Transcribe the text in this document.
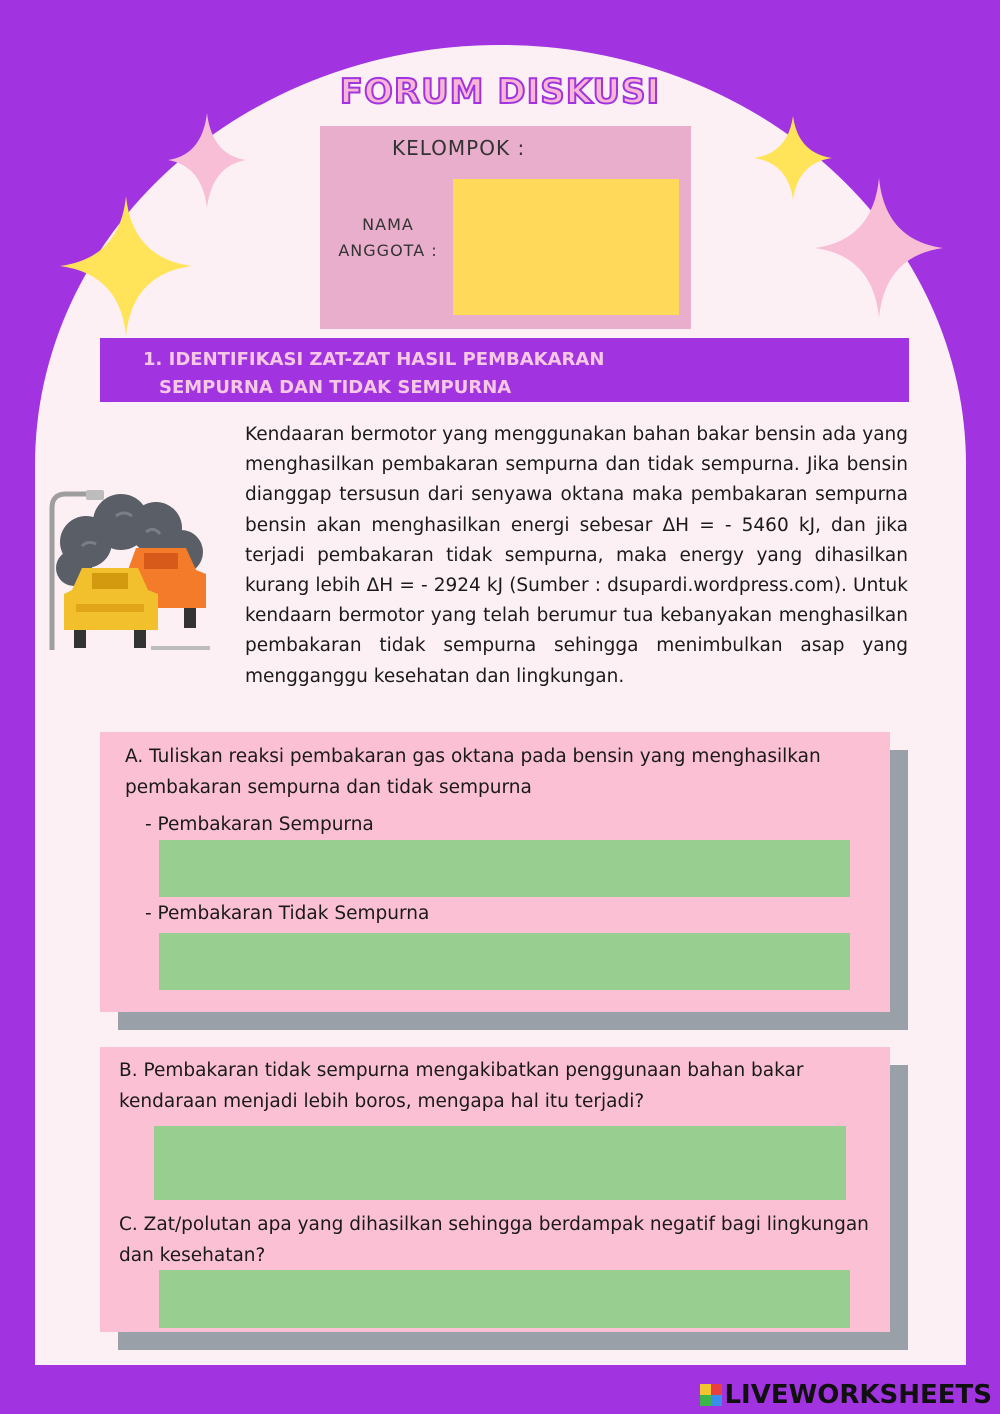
FORUM DISKUSI
KELOMPOK :
NAMA
ANGGOTA :
1. IDENTIFIKASI ZAT-ZAT HASIL PEMBAKARAN
SEMPURNA DAN TIDAK SEMPURNA
Kendaaran bermotor yang menggunakan bahan bakar bensin ada yang menghasilkan pembakaran sempurna dan tidak sempurna. Jika bensin dianggap tersusun dari senyawa oktana maka pembakaran sempurna bensin akan menghasilkan energi sebesar ΔH = - 5460 kJ, dan jika terjadi pembakaran tidak sempurna, maka energy yang dihasilkan kurang lebih ΔH = - 2924 kJ (Sumber : dsupardi.wordpress.com). Untuk kendaarn bermotor yang telah berumur tua kebanyakan menghasilkan pembakaran tidak sempurna sehingga menimbulkan asap yang mengganggu kesehatan dan lingkungan.
A. Tuliskan reaksi pembakaran gas oktana pada bensin yang menghasilkan pembakaran sempurna dan tidak sempurna
- Pembakaran Sempurna
- Pembakaran Tidak Sempurna
B. Pembakaran tidak sempurna mengakibatkan penggunaan bahan bakar kendaraan menjadi lebih boros, mengapa hal itu terjadi?
C. Zat/polutan apa yang dihasilkan sehingga berdampak negatif bagi lingkungan dan kesehatan?
LIVEWORKSHEETS
